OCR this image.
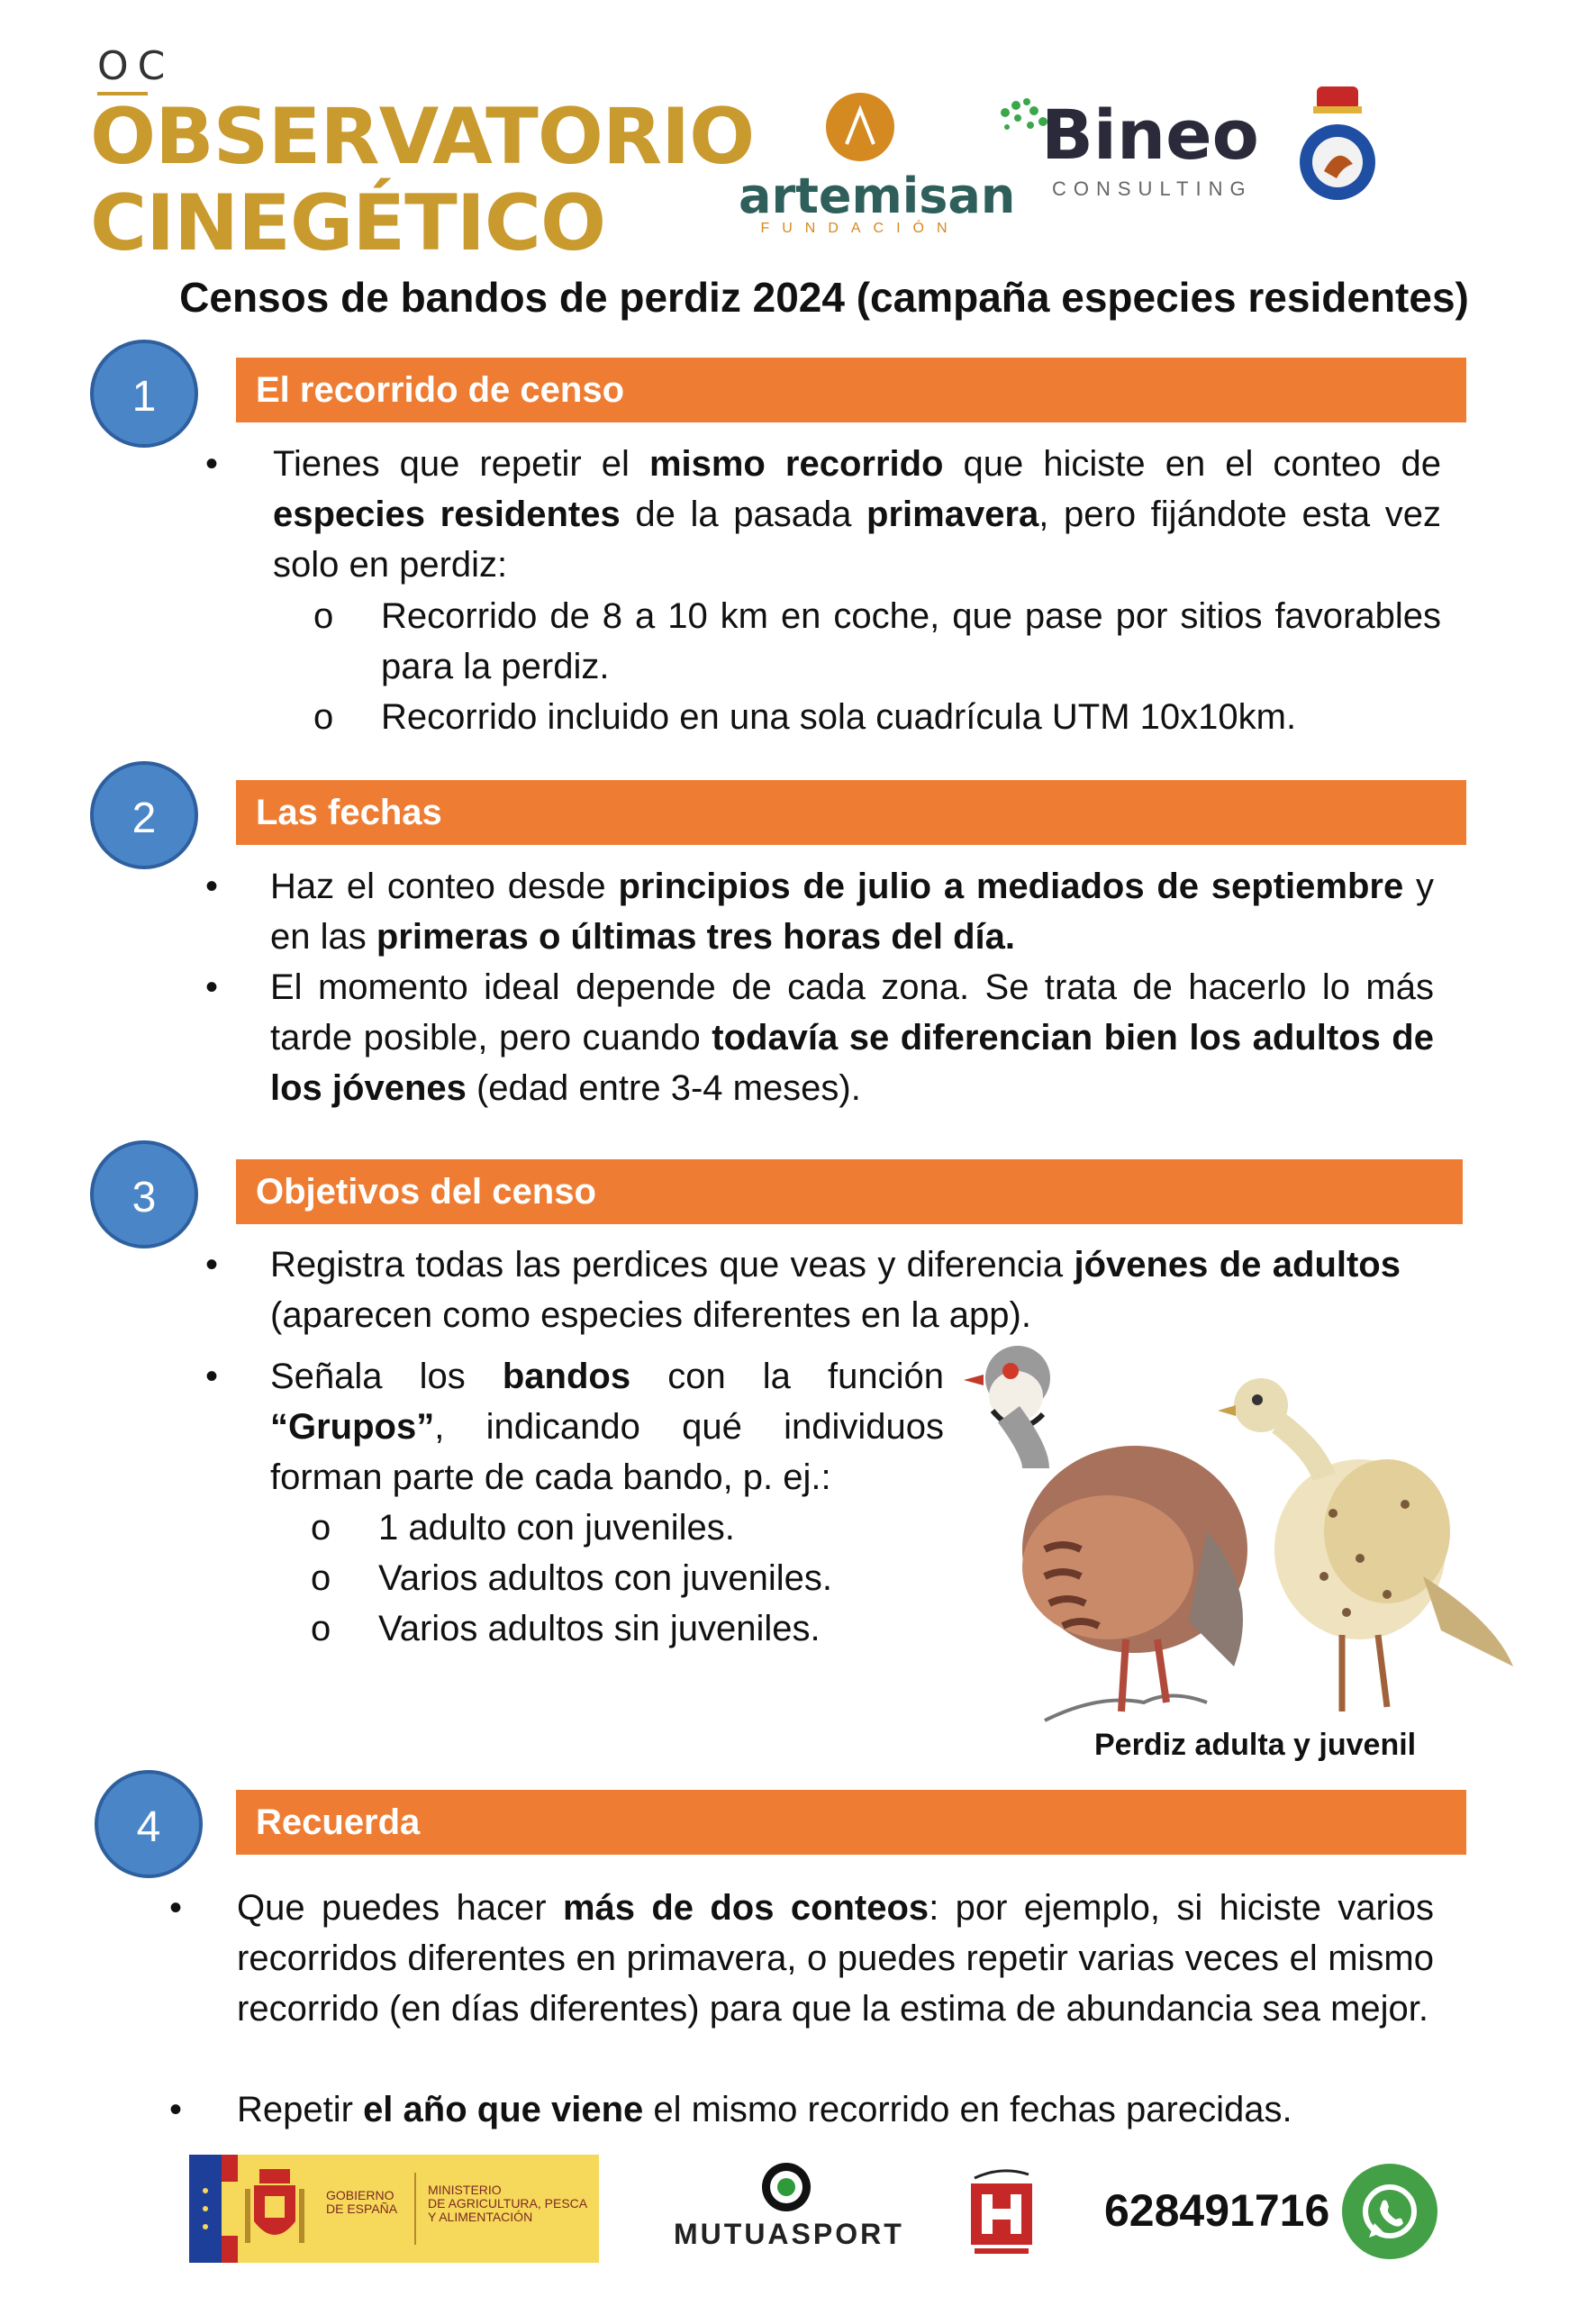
OC
OBSERVATORIO
CINEGÉTICO	artemisan
FUNDACIÓN
Bineo
CONSULTING
Censos de bandos de perdiz 2024 (campaña especies residentes)
1	El recorrido de censo
• Tienes que repetir el mismo recorrido que hiciste en el conteo de especies residentes de la pasada primavera, pero fijándote esta vez solo en perdiz:
o Recorrido de 8 a 10 km en coche, que pase por sitios favorables para la perdiz.
o Recorrido incluido en una sola cuadrícula UTM 10x10km.
2	Las fechas
• Haz el conteo desde principios de julio a mediados de septiembre y en las primeras o últimas tres horas del día.
• El momento ideal depende de cada zona. Se trata de hacerlo lo más tarde posible, pero cuando todavía se diferencian bien los adultos de los jóvenes (edad entre 3-4 meses).
3	Objetivos del censo
• Registra todas las perdices que veas y diferencia jóvenes de adultos (aparecen como especies diferentes en la app).
• Señala los bandos con la función “Grupos”, indicando qué individuos forman parte de cada bando, p. ej.:
o 1 adulto con juveniles.
o Varios adultos con juveniles.
o Varios adultos sin juveniles.
Perdiz adulta y juvenil
4	Recuerda
• Que puedes hacer más de dos conteos: por ejemplo, si hiciste varios recorridos diferentes en primavera, o puedes repetir varias veces el mismo recorrido (en días diferentes) para que la estima de abundancia sea mejor.
• Repetir el año que viene el mismo recorrido en fechas parecidas.
GOBIERNO
DE ESPAÑA
MINISTERIO
DE AGRICULTURA, PESCA
Y ALIMENTACIÓN
MUTUASPORT	628491716
